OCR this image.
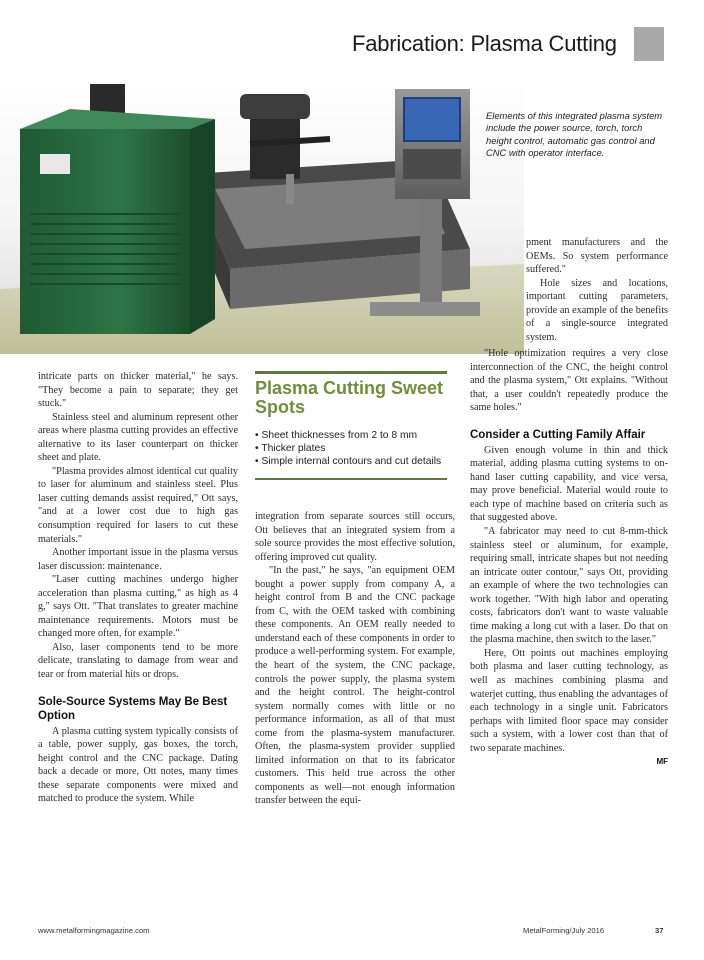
Fabrication: Plasma Cutting
Elements of this integrated plasma system include the power source, torch, torch height control, automatic gas control and CNC with operator interface.

pment manufacturers and the OEMs. So system performance suffered."

Hole sizes and locations, important cutting parameters, provide an example of the benefits of a single-source integrated system.

"Hole optimization requires a very close interconnection of the CNC, the height control and the plasma system," Ott explains. "Without that, a user couldn't repeatedly produce the same holes."

Consider a Cutting Family Affair

Given enough volume in thin and thick material, adding plasma cutting systems to on-hand laser cutting capability, and vice versa, may prove beneficial. Material would route to each type of machine based on criteria such as that suggested above.

"A fabricator may need to cut 8-mm-thick stainless steel or aluminum, for example, requiring small, intricate shapes but not needing an intricate outer contour," says Ott, providing an example of where the two technologies can work together. "With high labor and operating costs, fabricators don't want to waste valuable time making a long cut with a laser. Do that on the plasma machine, then switch to the laser."

Here, Ott points out machines employing both plasma and laser cutting technology, as well as machines combining plasma and waterjet cutting, thus enabling the advantages of each technology in a single unit. Fabricators perhaps with limited floor space may consider such a system, with a lower cost than that of two separate machines.

MF

intricate parts on thicker material," he says. "They become a pain to separate; they get stuck."

Stainless steel and aluminum represent other areas where plasma cutting provides an effective alternative to its laser counterpart on thicker sheet and plate.

"Plasma provides almost identical cut quality to laser for aluminum and stainless steel. Plus laser cutting demands assist required," Ott says, "and at a lower cost due to high gas consumption required for lasers to cut these materials."

Another important issue in the plasma versus laser discussion: maintenance.

"Laser cutting machines undergo higher acceleration than plasma cutting," as high as 4 g," says Ott. "That translates to greater machine maintenance requirements. Motors must be changed more often, for example."

Also, laser components tend to be more delicate, translating to damage from wear and tear or from material hits or drops.

Sole-Source Systems May Be Best Option

A plasma cutting system typically consists of a table, power supply, gas boxes, the torch, height control and the CNC package. Dating back a decade or more, Ott notes, many times these separate components were mixed and matched to produce the system. While

Plasma Cutting Sweet Spots
• Sheet thicknesses from 2 to 8 mm
• Thicker plates
• Simple internal contours and cut details

integration from separate sources still occurs, Ott believes that an integrated system from a sole source provides the most effective solution, offering improved cut quality.

"In the past," he says, "an equipment OEM bought a power supply from company A, a height control from B and the CNC package from C, with the OEM tasked with combining these components. An OEM really needed to understand each of these components in order to produce a well-performing system. For example, the heart of the system, the CNC package, controls the power supply, the plasma system and the height control. The height-control system normally comes with little or no performance information, as all of that must come from the plasma-system manufacturer. Often, the plasma-system provider supplied limited information on that to its fabricator customers. This held true across the other components as well—not enough information transfer between the equi-

www.metalformingmagazine.com	MetalForming/July 2016	37
